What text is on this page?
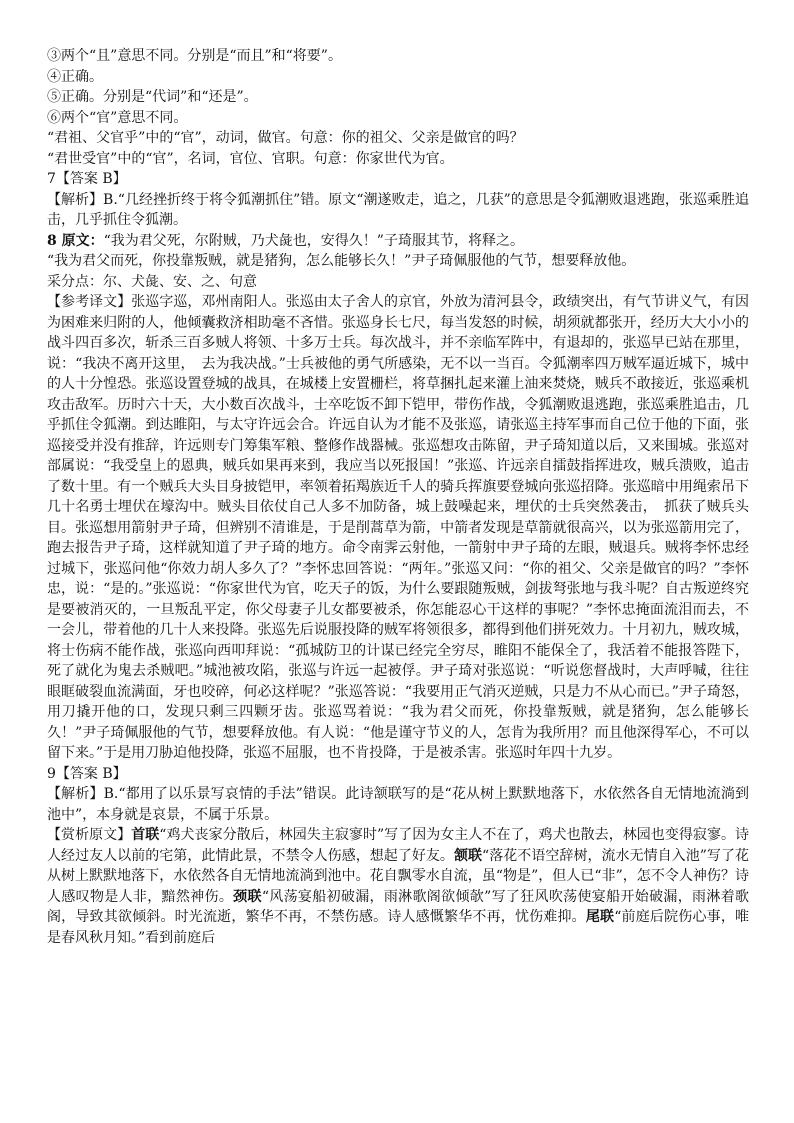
③两个“且”意思不同。分别是“而且”和“将要”。
④正确。
⑤正确。分别是“代词”和“还是”。
⑥两个“官”意思不同。
“君祖、父官乎”中的“官”，动词，做官。句意：你的祖父、父亲是做官的吗？
“君世受官”中的“官”，名词，官位、官职。句意：你家世代为官。
7【答案 B】
【解析】B.“几经挫折终于将令狐潮抓住”错。原文“潮遂败走，追之，几获”的意思是令狐潮败退逃跑，张巡乘胜追击，几乎抓住令狐潮。
8 原文：“我为君父死，尔附贼，乃犬彘也，安得久！”子琦服其节，将释之。
“我为君父而死，你投靠叛贼，就是猪狗，怎么能够长久！”尹子琦佩服他的气节，想要释放他。
采分点：尔、犬彘、安、之、句意
【参考译文】张巡字巡，邓州南阳人。张巡由太子舍人的京官，外放为清河县令，政绩突出，有气节讲义气，有因为困难来归附的人，他倾囊救济相助毫不吝惜。张巡身长七尺，每当发怒的时候，胡须就都张开，经历大大小小的战斗四百多次，斩杀三百多贼人将领、十多万士兵。每次战斗，并不亲临军阵中，有退却的，张巡早已站在那里，说：“我决不离开这里，　去为我决战。”士兵被他的勇气所感染，无不以一当百。令狐潮率四万贼军逼近城下，城中的人十分惶恐。张巡设置登城的战具，在城楼上安置栅栏，将草捆扎起来灌上油来焚烧，贼兵不敢接近，张巡乘机攻击敌军。历时六十天，大小数百次战斗，士卒吃饭不卸下铠甲，带伤作战，令狐潮败退逃跑，张巡乘胜追击，几乎抓住令狐潮。到达睢阳，与太守许远会合。许远自认为才能不及张巡，请张巡主持军事而自己位于他的下面，张巡接受并没有推辞，许远则专门筹集军粮、整修作战器械。张巡想攻击陈留，尹子琦知道以后，又来围城。张巡对部属说：“我受皇上的恩典，贼兵如果再来到，我应当以死报国！”张巡、许远亲自擂鼓指挥进攻，贼兵溃败，追击了数十里。有一个贼兵大头目身披铠甲，率领着拓羯族近千人的骑兵挥旗要登城向张巡招降。张巡暗中用绳索吊下几十名勇士埋伏在壕沟中。贼头目依仗自己人多不加防备，城上鼓噪起来，埋伏的士兵突然袭击，　抓获了贼兵头目。张巡想用箭射尹子琦，但辨别不清谁是，于是削蒿草为箭，中箭者发现是草箭就很高兴，以为张巡箭用完了，跑去报告尹子琦，这样就知道了尹子琦的地方。命令南霁云射他，一箭射中尹子琦的左眼，贼退兵。贼将李怀忠经过城下，张巡问他“你效力胡人多久了？”李怀忠回答说：“两年。”张巡又问：“你的祖父、父亲是做官的吗？”李怀忠，说：“是的。”张巡说：“你家世代为官，吃天子的饭，为什么要跟随叛贼，剑拔弩张地与我斗呢？自古叛逆终究是要被消灭的，一旦叛乱平定，你父母妻子儿女都要被杀，你怎能忍心干这样的事呢？”李怀忠掩面流泪而去，不一会儿，带着他的几十人来投降。张巡先后说服投降的贼军将领很多，都得到他们拼死效力。十月初九，贼攻城，将士伤病不能作战，张巡向西叩拜说：“孤城防卫的计谋已经完全穷尽，睢阳不能保全了，我活着不能报答陛下，死了就化为鬼去杀贼吧。”城池被攻陷，张巡与许远一起被俘。尹子琦对张巡说：“听说您督战时，大声呼喊，往往眼眶破裂血流满面，牙也咬碎，何必这样呢？”张巡答说：“我要用正气消灭逆贼，只是力不从心而已。”尹子琦怒，用刀撬开他的口，发现只剩三四颗牙齿。张巡骂着说：“我为君父而死，你投靠叛贼，就是猪狗，怎么能够长久！”尹子琦佩服他的气节，想要释放他。有人说：“他是谨守节义的人，怎肯为我所用？而且他深得军心，不可以留下来。”于是用刀胁迫他投降，张巡不屈服，也不肯投降，于是被杀害。张巡时年四十九岁。
9【答案 B】
【解析】B.“都用了以乐景写哀情的手法”错误。此诗颔联写的是“花从树上默默地落下，水依然各自无情地流淌到池中”，本身就是哀景，不属于乐景。
【赏析原文】首联“鸡犬丧家分散后，林园失主寂寥时”写了因为女主人不在了，鸡犬也散去，林园也变得寂寥。诗人经过友人以前的宅第，此情此景，不禁令人伤感，想起了好友。颔联“落花不语空辞树，流水无情自入池”写了花从树上默默地落下，水依然各自无情地流淌到池中。花自飘零水自流，虽“物是”，但人已“非”，怎不令人神伤？诗人感叹物是人非，黯然神伤。颈联“风荡宴船初破漏，雨淋歌阁欲倾欹”写了狂风吹荡使宴船开始破漏，雨淋着歌阁，导致其欲倾斜。时光流逝，繁华不再，不禁伤感。诗人感慨繁华不再，忧伤难抑。尾联“前庭后院伤心事，唯是春风秋月知。”看到前庭后
